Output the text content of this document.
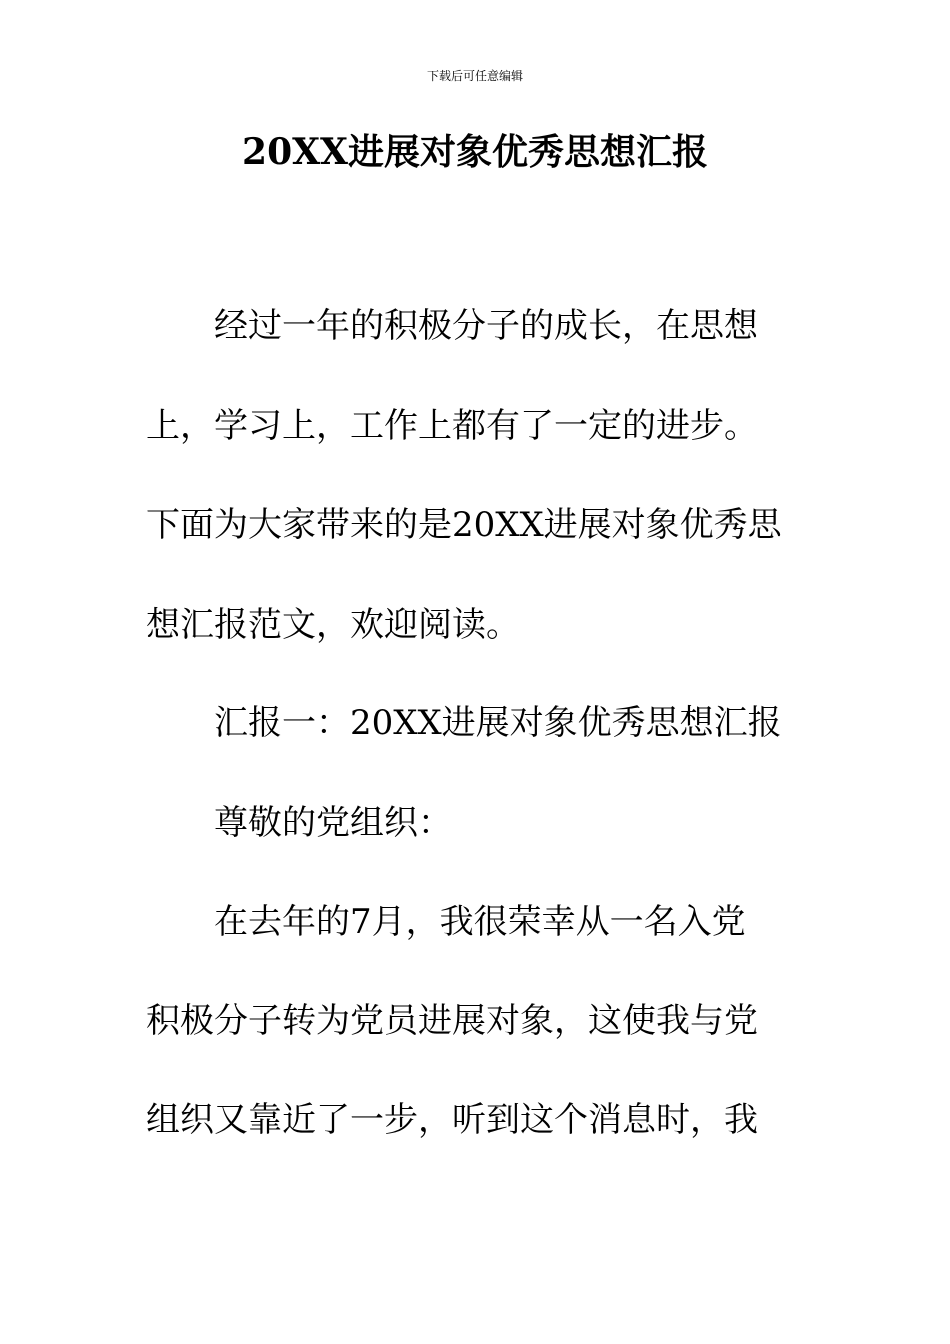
下载后可任意编辑
20XX进展对象优秀思想汇报
经过一年的积极分子的成长，在思想
上，学习上，工作上都有了一定的进步。
下面为大家带来的是20XX进展对象优秀思
想汇报范文，欢迎阅读。
汇报一：20XX进展对象优秀思想汇报
尊敬的党组织：
在去年的7月，我很荣幸从一名入党
积极分子转为党员进展对象，这使我与党
组织又靠近了一步，听到这个消息时，我
